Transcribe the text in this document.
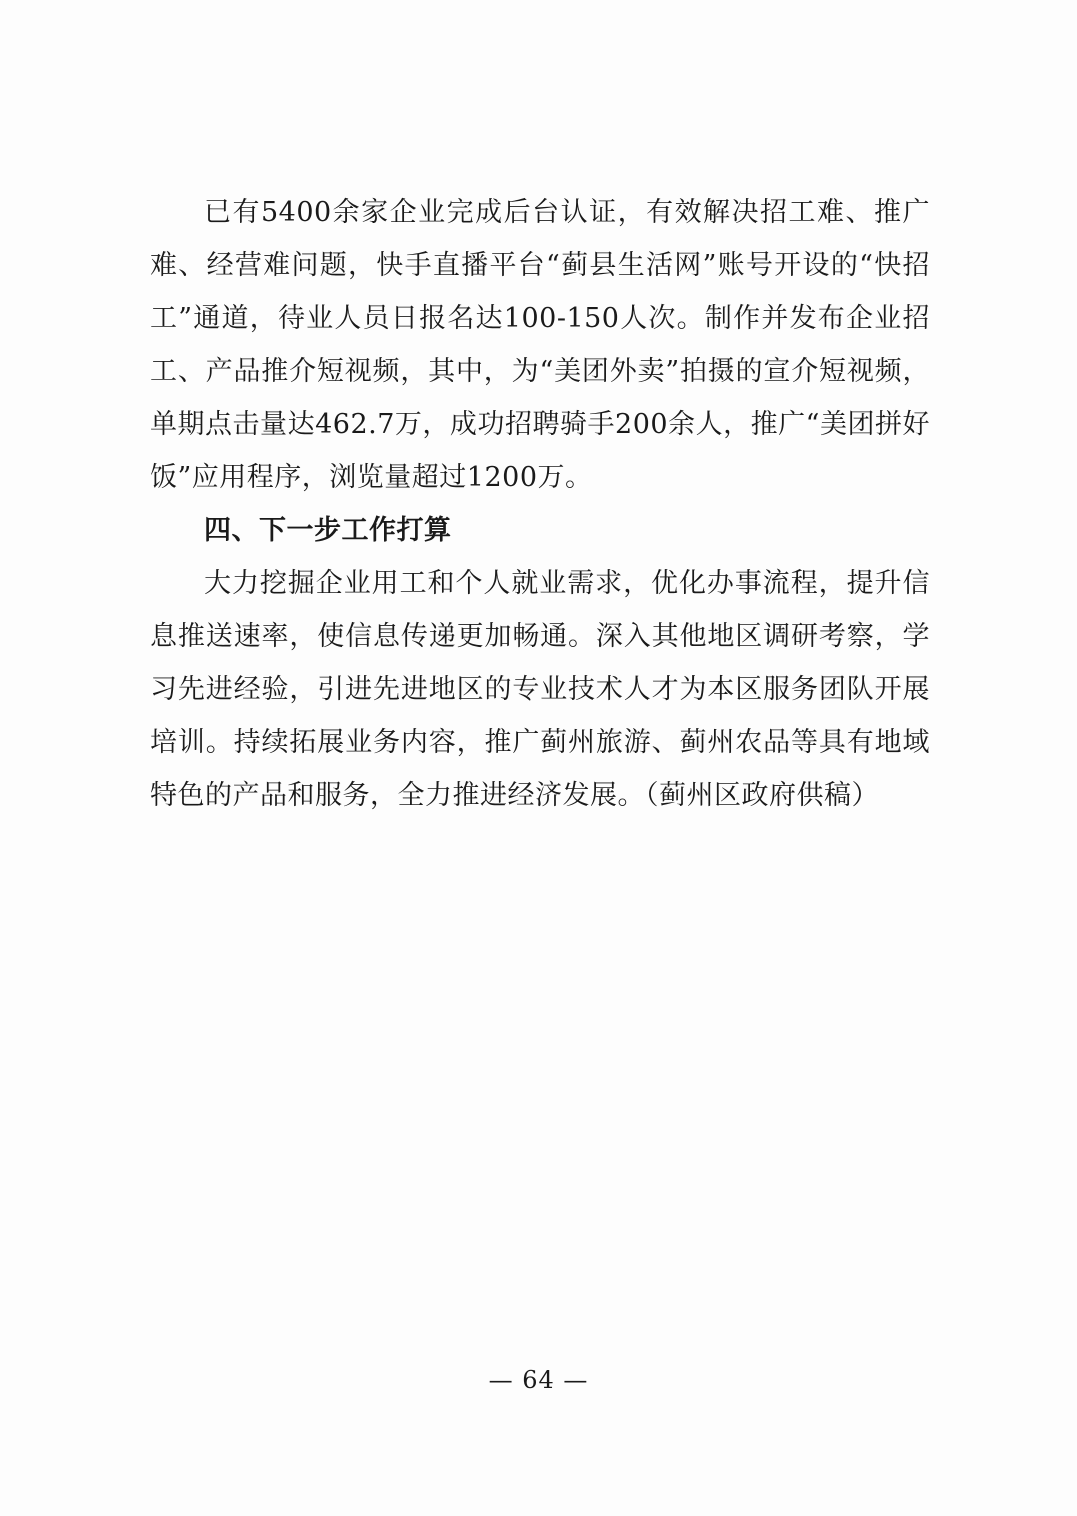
已有5400余家企业完成后台认证，有效解决招工难、推广难、经营难问题，快手直播平台“蓟县生活网”账号开设的“快招工”通道，待业人员日报名达100-150人次。制作并发布企业招工、产品推介短视频，其中，为“美团外卖”拍摄的宣介短视频，单期点击量达462.7万，成功招聘骑手200余人，推广“美团拼好饭”应用程序，浏览量超过1200万。

四、下一步工作打算

大力挖掘企业用工和个人就业需求，优化办事流程，提升信息推送速率，使信息传递更加畅通。深入其他地区调研考察，学习先进经验，引进先进地区的专业技术人才为本区服务团队开展培训。持续拓展业务内容，推广蓟州旅游、蓟州农品等具有地域特色的产品和服务，全力推进经济发展。（蓟州区政府供稿）

— 64 —
